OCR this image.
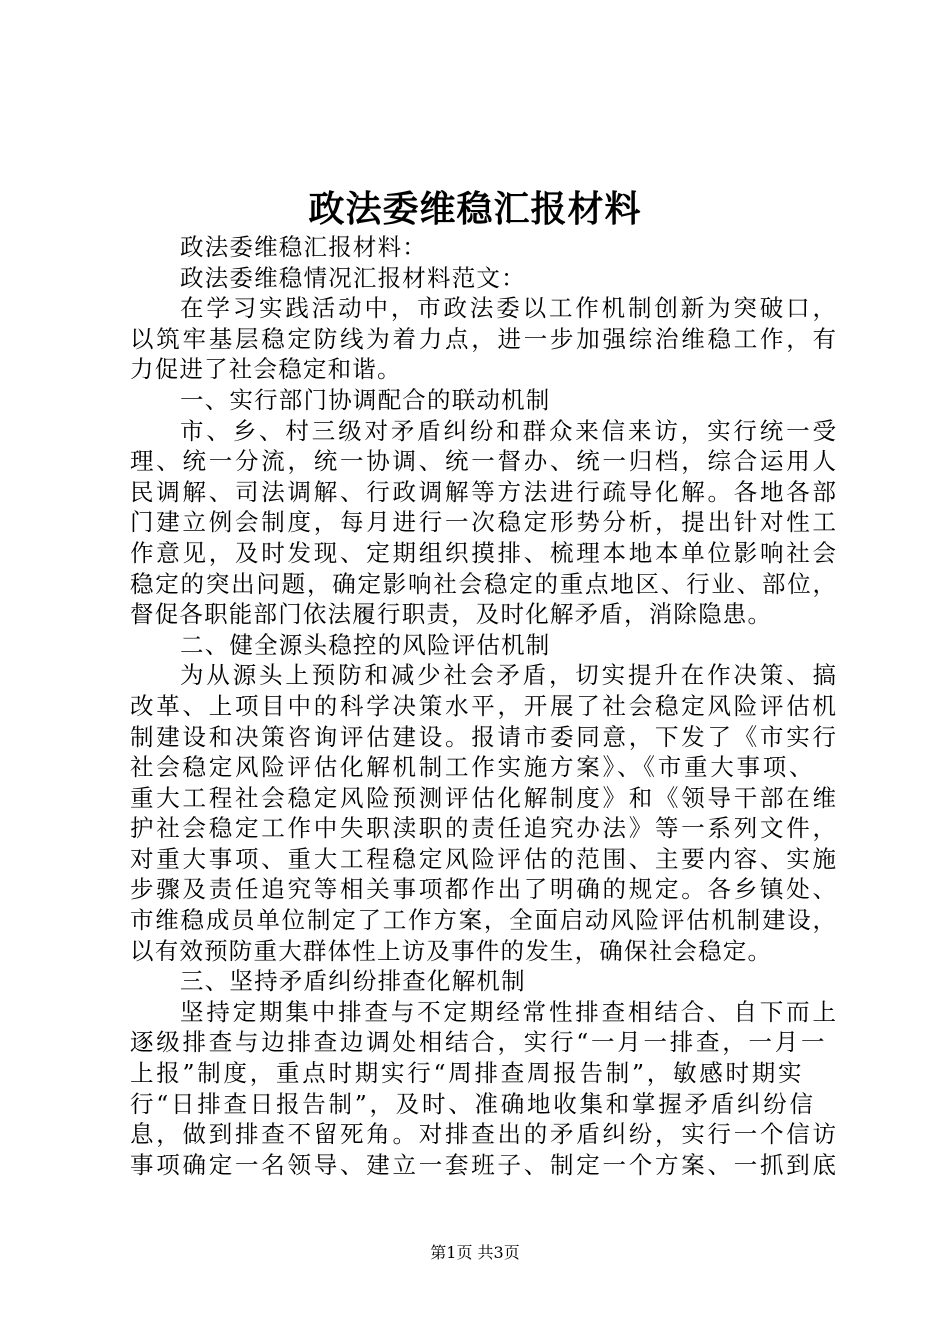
政法委维稳汇报材料
政法委维稳汇报材料：
政法委维稳情况汇报材料范文：
在学习实践活动中，市政法委以工作机制创新为突破口，
以筑牢基层稳定防线为着力点，进一步加强综治维稳工作，有
力促进了社会稳定和谐。
一、实行部门协调配合的联动机制
市、乡、村三级对矛盾纠纷和群众来信来访，实行统一受
理、统一分流，统一协调、统一督办、统一归档，综合运用人
民调解、司法调解、行政调解等方法进行疏导化解。各地各部
门建立例会制度，每月进行一次稳定形势分析，提出针对性工
作意见，及时发现、定期组织摸排、梳理本地本单位影响社会
稳定的突出问题，确定影响社会稳定的重点地区、行业、部位，
督促各职能部门依法履行职责，及时化解矛盾，消除隐患。
二、健全源头稳控的风险评估机制
为从源头上预防和减少社会矛盾，切实提升在作决策、搞
改革、上项目中的科学决策水平，开展了社会稳定风险评估机
制建设和决策咨询评估建设。报请市委同意，下发了《市实行
社会稳定风险评估化解机制工作实施方案》、《市重大事项、
重大工程社会稳定风险预测评估化解制度》和《领导干部在维
护社会稳定工作中失职渎职的责任追究办法》等一系列文件，
对重大事项、重大工程稳定风险评估的范围、主要内容、实施
步骤及责任追究等相关事项都作出了明确的规定。各乡镇处、
市维稳成员单位制定了工作方案，全面启动风险评估机制建设，
以有效预防重大群体性上访及事件的发生，确保社会稳定。
三、坚持矛盾纠纷排查化解机制
坚持定期集中排查与不定期经常性排查相结合、自下而上
逐级排查与边排查边调处相结合，实行“一月一排查，一月一
上报”制度，重点时期实行“周排查周报告制”，敏感时期实
行“日排查日报告制”，及时、准确地收集和掌握矛盾纠纷信
息，做到排查不留死角。对排查出的矛盾纠纷，实行一个信访
事项确定一名领导、建立一套班子、制定一个方案、一抓到底
第1页 共3页
